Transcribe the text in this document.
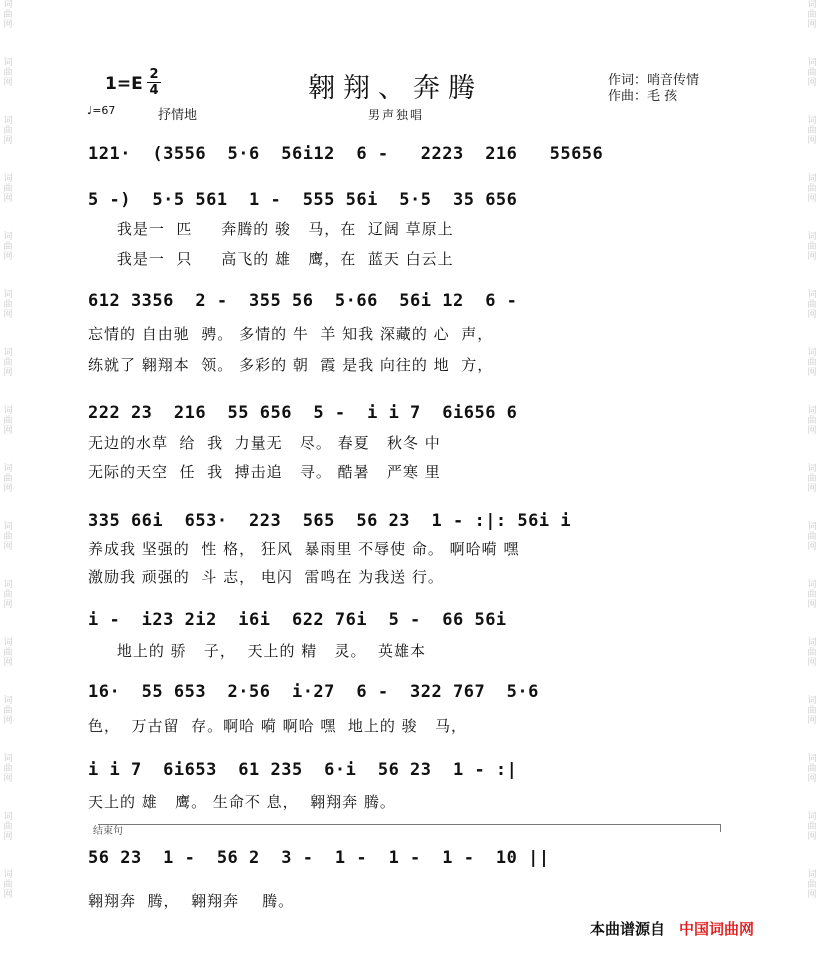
词
曲
网
词
曲
网
词
曲
网
词
曲
网
词
曲
网
词
曲
网
词
曲
网
词
曲
网
词
曲
网
词
曲
网
词
曲
网
词
曲
网
词
曲
网
词
曲
网
词
曲
网
词
曲
网
词
曲
网
词
曲
网
词
曲
网
词
曲
网
词
曲
网
词
曲
网
词
曲
网
词
曲
网
词
曲
网
词
曲
网
词
曲
网
词
曲
网
词
曲
网
词
曲
网
词
曲
网
词
曲
网
1=E 2
4
♩=67	抒情地
翱翔、奔腾
男声独唱
作词：哨音传情
作曲：毛 孩
121·  (3556  5·6  56i12  6 -   2223  216   55656
5 -)  5·5 561  1 -  555 56i  5·5  35 656
我是一  匹     奔腾的 骏   马，在  辽阔 草原上
我是一  只     高飞的 雄   鹰，在  蓝天 白云上
612 3356  2 -  355 56  5·66  56i 12  6 -
忘情的 自由驰  骋。 多情的 牛  羊 知我 深藏的 心  声，
练就了 翱翔本  领。 多彩的 朝  霞 是我 向往的 地  方，
222 23  216  55 656  5 -  i i 7  6i656 6
无边的水草  给  我  力量无   尽。 春夏   秋冬 中
无际的天空  任  我  搏击追   寻。 酷暑   严寒 里
335 66i  653·  223  565  56 23  1 - :|: 56i i
养成我 坚强的  性 格， 狂风  暴雨里 不辱使 命。 啊哈嗬 嘿
激励我 顽强的  斗 志， 电闪  雷鸣在 为我送 行。
i -  i23 2i2  i6i  622 76i  5 -  66 56i
地上的 骄   子，  天上的 精   灵。  英雄本
16·  55 653  2·56  i·27  6 -  322 767  5·6
色，  万古留  存。啊哈 嗬 啊哈 嘿  地上的 骏   马，
i i 7  6i653  61 235  6·i  56 23  1 - :|
天上的 雄   鹰。 生命不 息，  翱翔奔 腾。
结束句
56 23  1 -  56 2  3 -  1 -  1 -  1 -  10 ||
翱翔奔  腾，  翱翔奔    腾。
本曲谱源自 中国词曲网
